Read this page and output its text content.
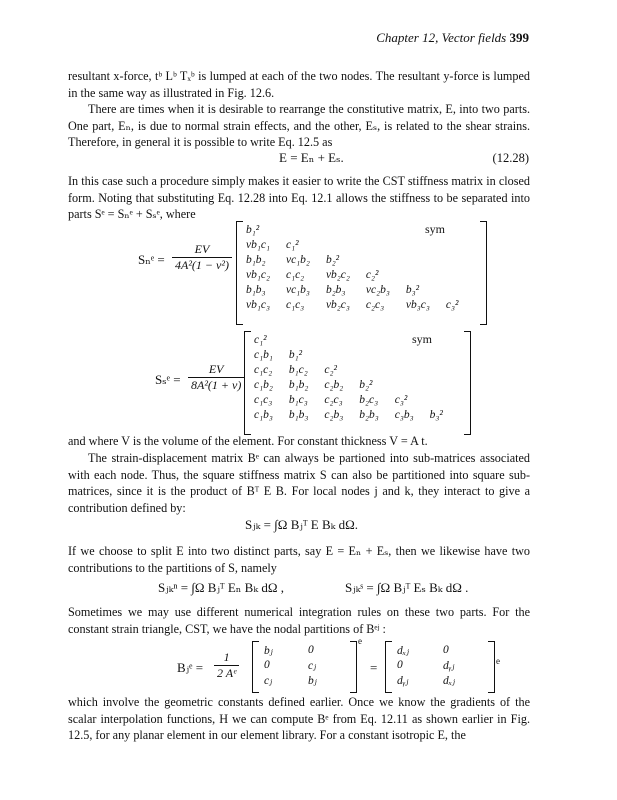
Chapter 12, Vector fields 399
resultant x-force, tᵇ Lᵇ Tₓᵇ is lumped at each of the two nodes. The resultant y-force is lumped in the same way as illustrated in Fig. 12.6.
There are times when it is desirable to rearrange the constitutive matrix, E, into two parts. One part, Eₙ, is due to normal strain effects, and the other, Eₛ, is related to the shear strains. Therefore, in general it is possible to write Eq. 12.5 as
E = Eₙ + Eₛ.	(12.28)
In this case such a procedure simply makes it easier to write the CST stiffness matrix in closed form. Noting that substituting Eq. 12.28 into Eq. 12.1 allows the stiffness to be separated into parts Sᵉ = Sₙᵉ + Sₛᵉ, where
Sₙᵉ = $\frac{EV}{\text{4A²(1 − ν²)}}$
b₁²					
νb₁c₁	c₁²				
b₁b₂	νc₁b₂	b₂²			
νb₁c₂	c₁c₂	νb₂c₂	c₂²		
b₁b₃	νc₁b₃	b₂b₃	νc₂b₃	b₃²	
νb₁c₃	c₁c₃	νb₂c₃	c₂c₃	νb₃c₃	c₃²
sym
Sₛᵉ = $\frac{EV}{\text{8A²(1 + ν)}}$
c₁²					
c₁b₁	b₁²				
c₁c₂	b₁c₂	c₂²			
c₁b₂	b₁b₂	c₂b₂	b₂²		
c₁c₃	b₁c₃	c₂c₃	b₂c₃	c₃²	
c₁b₃	b₁b₃	c₂b₃	b₂b₃	c₃b₃	b₃²
sym
and where V is the volume of the element. For constant thickness V = A t.
The strain-displacement matrix Bᵉ can always be partioned into sub-matrices associated with each node. Thus, the square stiffness matrix S can also be partitioned into square sub-matrices, since it is the product of Bᵀ E B. For local nodes j and k, they interact to give a contribution defined by:
Sⱼₖ = ∫Ω Bⱼᵀ E Bₖ dΩ.
If we choose to split E into two distinct parts, say E = Eₙ + Eₛ, then we likewise have two contributions to the partitions of S, namely
Sⱼₖⁿ = ∫Ω Bⱼᵀ Eₙ Bₖ dΩ ,	Sⱼₖˢ = ∫Ω Bⱼᵀ Eₛ Bₖ dΩ .
Sometimes we may use different numerical integration rules on these two parts. For the constant strain triangle, CST, we have the nodal partitions of Bᵉʲ :
Bⱼᵉ = $\frac{1}{\text{2 Aᵉ}}$ bⱼ	0
0	cⱼ
cⱼ	bⱼ
e
=
dₓⱼ	0
0	dᵧⱼ
dᵧⱼ	dₓⱼ
e
which involve the geometric constants defined earlier. Once we know the gradients of the scalar interpolation functions, H we can compute Bᵉ from Eq. 12.11 as shown earlier in Fig. 12.5, for any planar element in our element library. For a constant isotropic E, the
